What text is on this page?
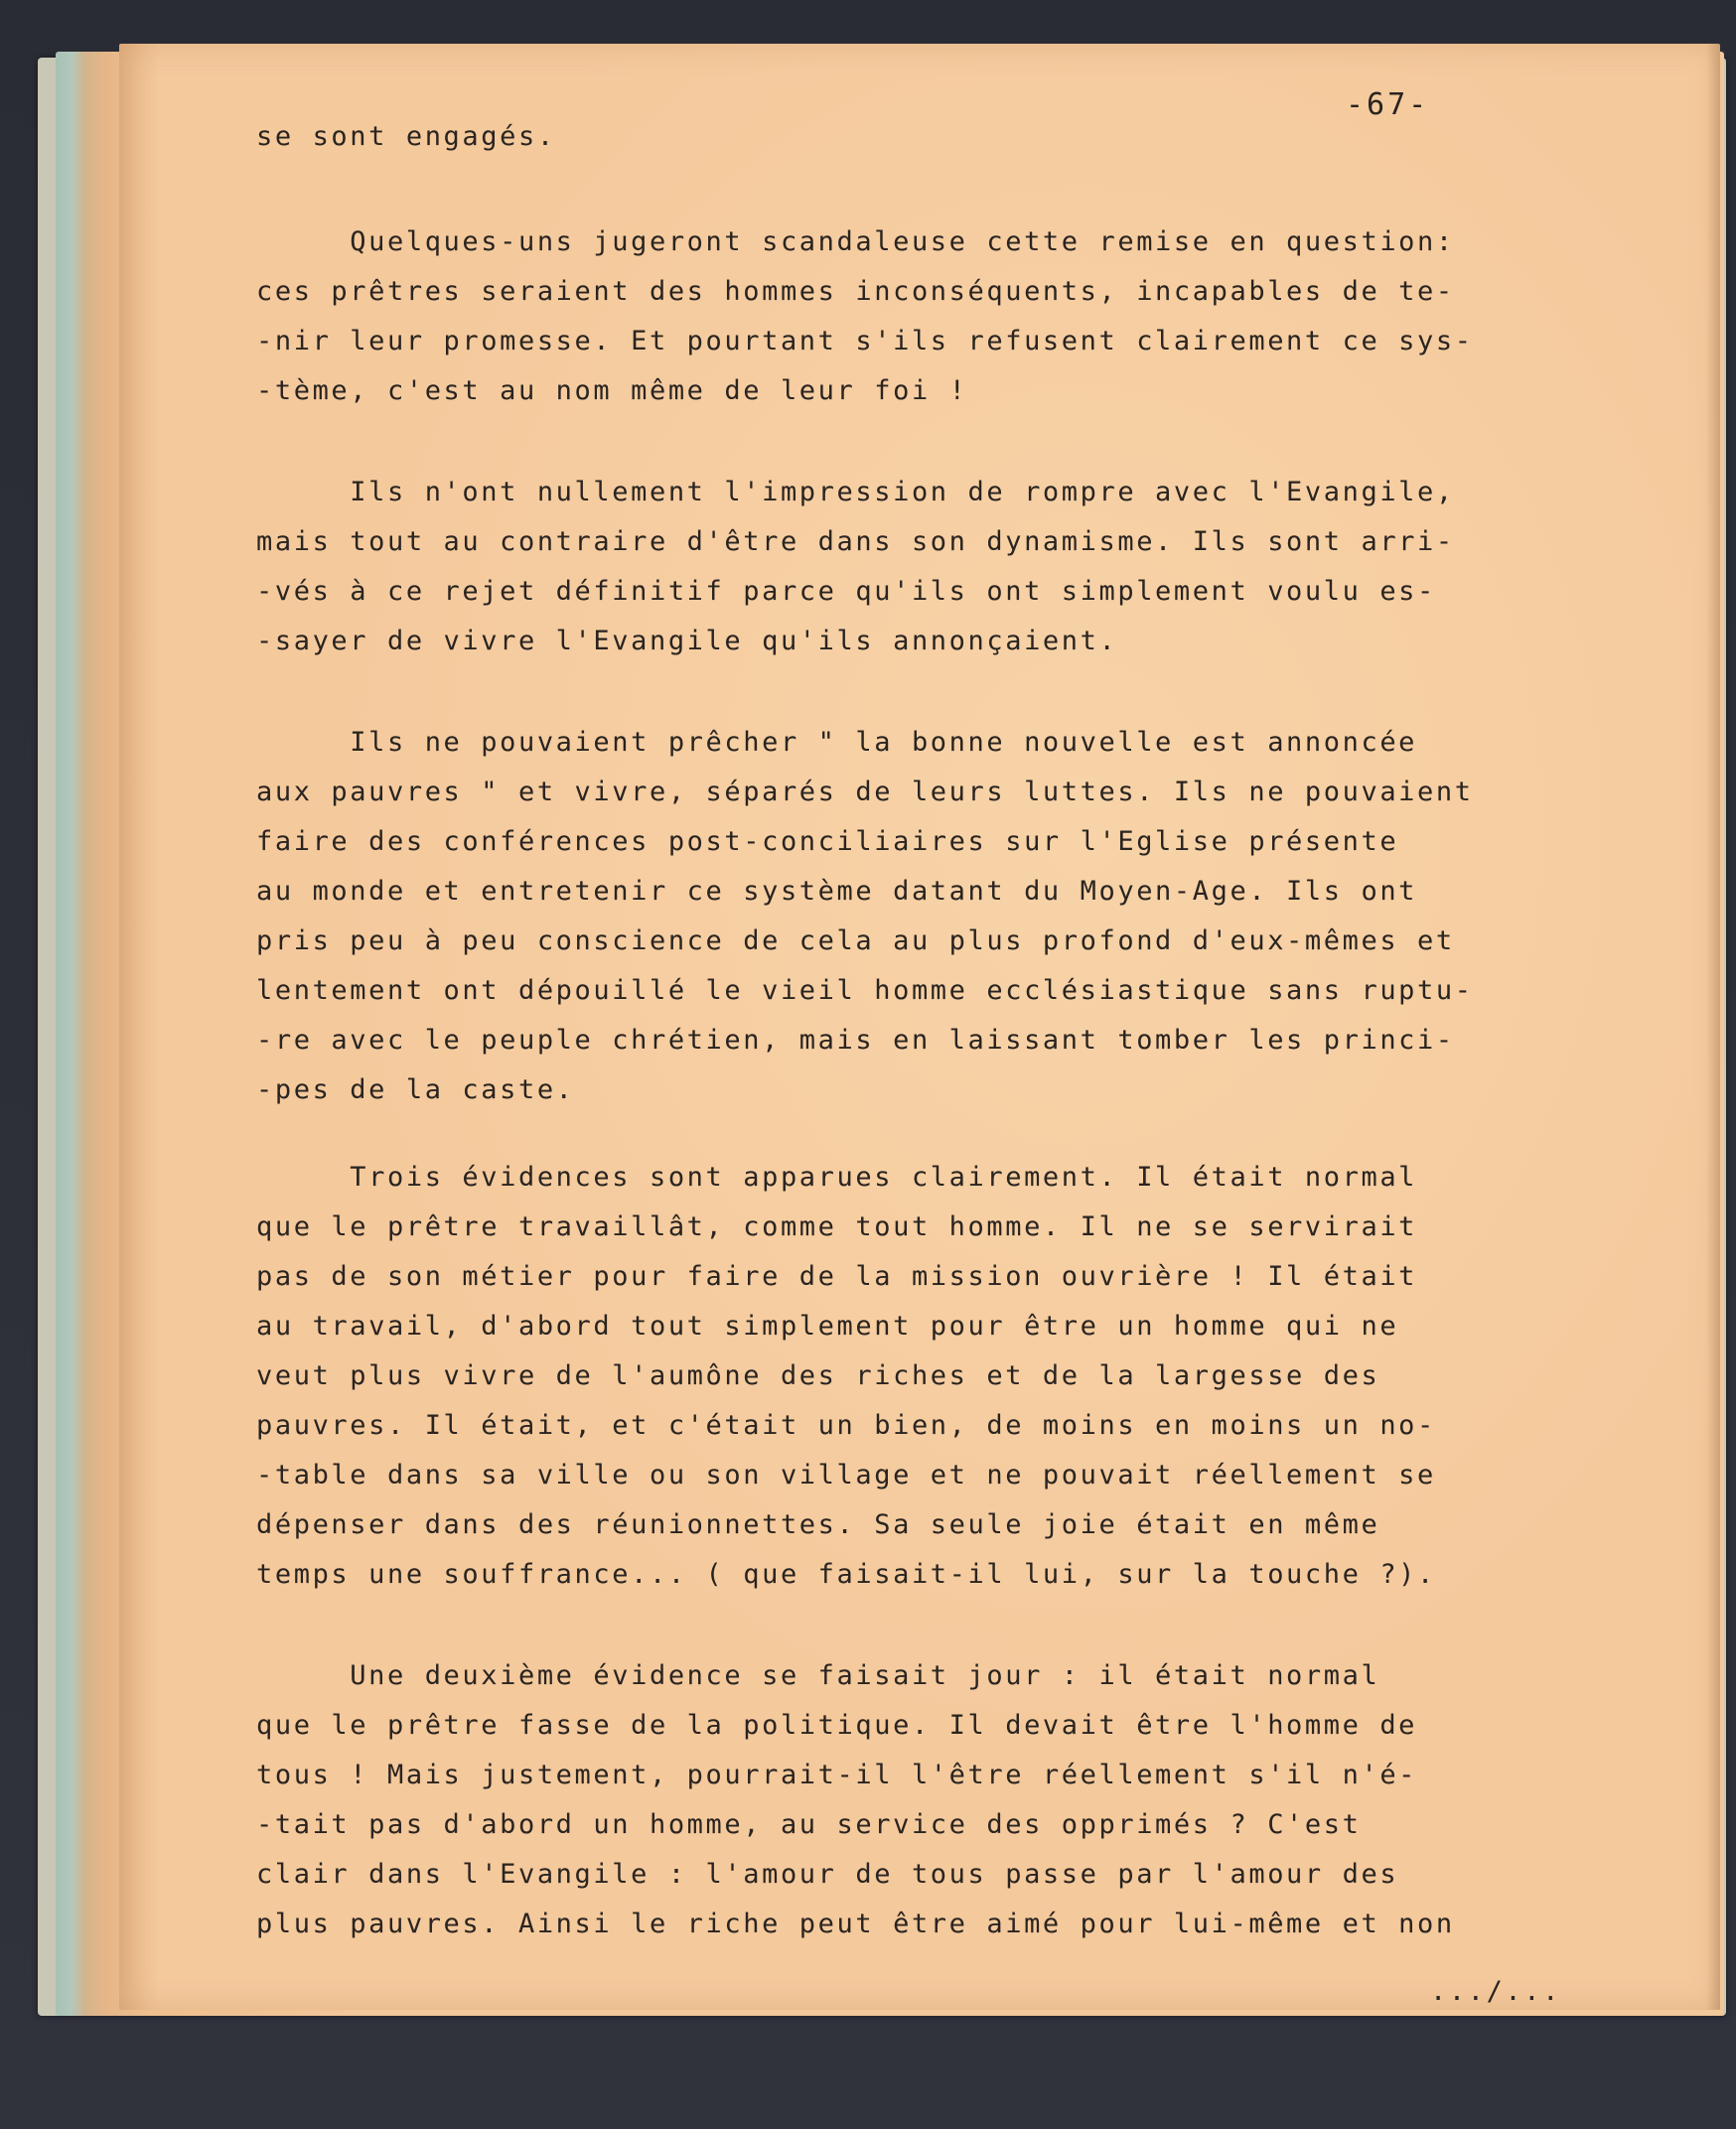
-67-
se sont engagés.
Quelques-uns jugeront scandaleuse cette remise en question:
ces prêtres seraient des hommes inconséquents, incapables de te-
-nir leur promesse. Et pourtant s'ils refusent clairement ce sys-
-tème, c'est au nom même de leur foi !
Ils n'ont nullement l'impression de rompre avec l'Evangile,
mais tout au contraire d'être dans son dynamisme. Ils sont arri-
-vés à ce rejet définitif parce qu'ils ont simplement voulu es-
-sayer de vivre l'Evangile qu'ils annonçaient.
Ils ne pouvaient prêcher " la bonne nouvelle est annoncée
aux pauvres " et vivre, séparés de leurs luttes. Ils ne pouvaient
faire des conférences post-conciliaires sur l'Eglise présente
au monde et entretenir ce système datant du Moyen-Age. Ils ont
pris peu à peu conscience de cela au plus profond d'eux-mêmes et
lentement ont dépouillé le vieil homme ecclésiastique sans ruptu-
-re avec le peuple chrétien, mais en laissant tomber les princi-
-pes de la caste.
Trois évidences sont apparues clairement. Il était normal
que le prêtre travaillât, comme tout homme. Il ne se servirait
pas de son métier pour faire de la mission ouvrière ! Il était
au travail, d'abord tout simplement pour être un homme qui ne
veut plus vivre de l'aumône des riches et de la largesse des
pauvres. Il était, et c'était un bien, de moins en moins un no-
-table dans sa ville ou son village et ne pouvait réellement se
dépenser dans des réunionnettes. Sa seule joie était en même
temps une souffrance... ( que faisait-il lui, sur la touche ?).
Une deuxième évidence se faisait jour : il était normal
que le prêtre fasse de la politique. Il devait être l'homme de
tous ! Mais justement, pourrait-il l'être réellement s'il n'é-
-tait pas d'abord un homme, au service des opprimés ? C'est
clair dans l'Evangile : l'amour de tous passe par l'amour des
plus pauvres. Ainsi le riche peut être aimé pour lui-même et non
.../...
